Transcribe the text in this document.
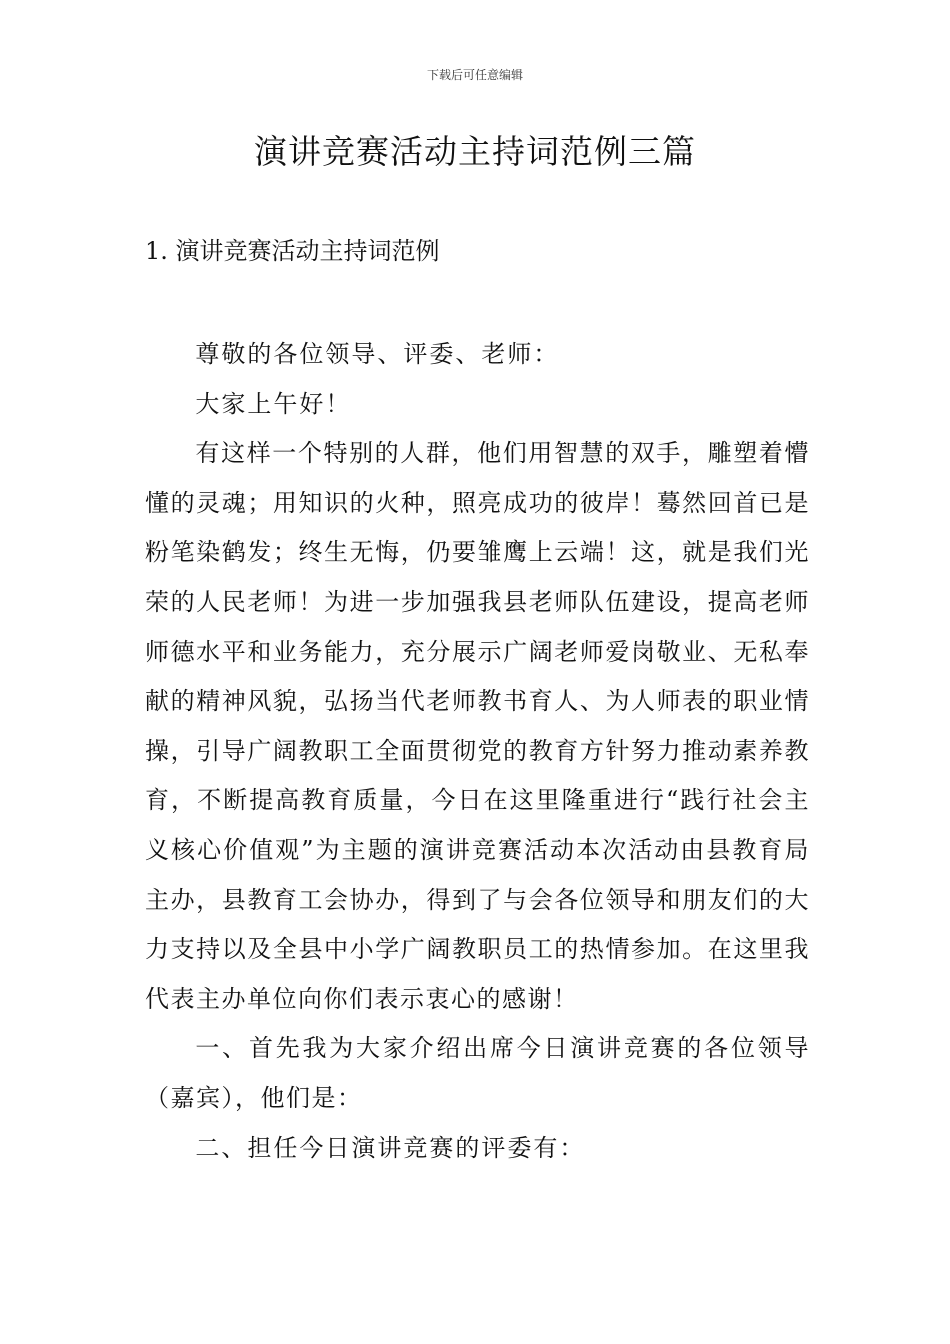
下载后可任意编辑
演讲竞赛活动主持词范例三篇
1. 演讲竞赛活动主持词范例

尊敬的各位领导、评委、老师：

大家上午好！

有这样一个特别的人群，他们用智慧的双手，雕塑着懵懂的灵魂；用知识的火种，照亮成功的彼岸！蓦然回首已是粉笔染鹤发；终生无悔，仍要雏鹰上云端！这，就是我们光荣的人民老师！为进一步加强我县老师队伍建设，提高老师师德水平和业务能力，充分展示广阔老师爱岗敬业、无私奉献的精神风貌，弘扬当代老师教书育人、为人师表的职业情操，引导广阔教职工全面贯彻党的教育方针努力推动素养教育，不断提高教育质量，今日在这里隆重进行“践行社会主义核心价值观”为主题的演讲竞赛活动本次活动由县教育局主办，县教育工会协办，得到了与会各位领导和朋友们的大力支持以及全县中小学广阔教职员工的热情参加。在这里我代表主办单位向你们表示衷心的感谢！

一、首先我为大家介绍出席今日演讲竞赛的各位领导（嘉宾），他们是：

二、担任今日演讲竞赛的评委有：
